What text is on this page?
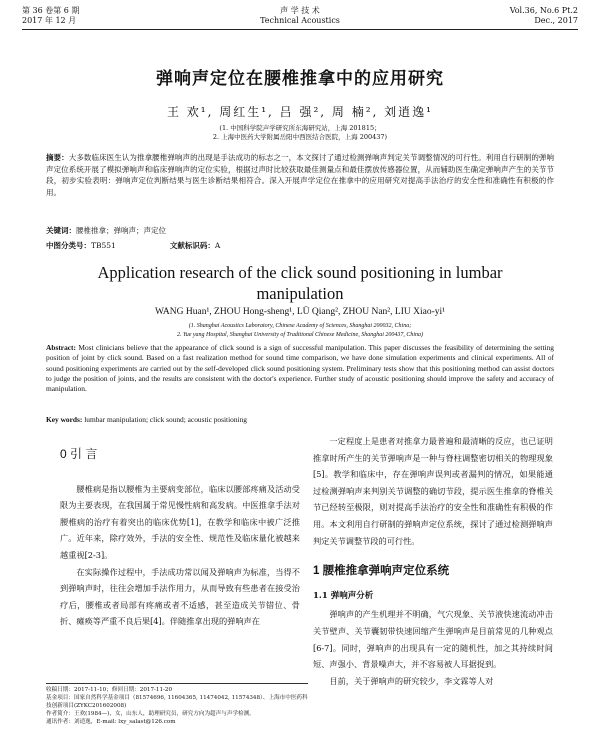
第 36 卷第 6 期	声 学 技 术	Vol.36, No.6 Pt.2
2017 年 12 月	Technical Acoustics	Dec., 2017
弹响声定位在腰椎推拿中的应用研究
王 欢¹, 周红生¹, 吕 强², 周 楠², 刘逍逸¹
(1. 中国科学院声学研究所东海研究站，上海 201815；
2. 上海中医药大学附属岳阳中西医结合医院，上海 200437)
摘要：大多数临床医生认为推拿腰椎弹响声的出现是手法成功的标志之一，本文探讨了通过检测弹响声判定关节调整情况的可行性。利用自行研制的弹响声定位系统开展了模拟弹响声和临床弹响声的定位实验，根据过声时比较获取最佳测量点和最佳摆放传感器位置，从而辅助医生确定弹响声产生的关节节段，初步实验表明：弹响声定位判断结果与医生诊断结果相符合。深入开展声学定位在推拿中的应用研究对提高手法治疗的安全性和准确性有积极的作用。
关键词：腰椎推拿；弹响声；声定位
中图分类号：TB551	文献标识码：A
Application research of the click sound positioning in lumbar manipulation
WANG Huan¹, ZHOU Hong-sheng¹, LÜ Qiang², ZHOU Nan², LIU Xiao-yi¹
(1. Shanghai Acoustics Laboratory, Chinese Academy of Sciences, Shanghai 200032, China;
2. Yue yang Hospital, Shanghai University of Traditional Chinese Medicine, Shanghai 200437, China)
Abstract: Most clinicians believe that the appearance of click sound is a sign of successful manipulation. This paper discusses the feasibility of determining the setting position of joint by click sound. Based on a fast realization method for sound time comparison, we have done simulation experiments and clinical experiments. All of sound positioning experiments are carried out by the self-developed click sound positioning system. Preliminary tests show that this positioning method can assist doctors to judge the position of joints, and the results are consistent with the doctor's experience. Further study of acoustic positioning should improve the safety and accuracy of manipulation.
Key words: lumbar manipulation; click sound; acoustic positioning
0 引 言

腰椎病是指以腰椎为主要病变部位，临床以腰部疼痛及活动受限为主要表现，在我国属于常见慢性病和高发病。中医推拿手法对腰椎病的治疗有着突出的临床优势[1]，在教学和临床中被广泛推广。近年来，除疗效外，手法的安全性、规范性及临床量化被越来越重视[2-3]。

在实际操作过程中，手法成功常以闻及弹响声为标准，当得不到弹响声时，往往会增加手法作用力，从而导致有些患者在接受治疗后，腰椎或者局部有疼痛或者不适感，甚至造成关节错位、骨折、瘫痪等严重不良后果[4]。伴随推拿出现的弹响声在

一定程度上是患者对推拿力最普遍和最清晰的反应，也已证明推拿时所产生的关节弹响声是一种与脊柱调整密切相关的物理现象[5]。教学和临床中，存在弹响声误判或者漏判的情况，如果能通过检测弹响声来判别关节调整的确切节段，提示医生推拿的脊椎关节已经转至极限，则对提高手法治疗的安全性和准确性有积极的作用。本文利用自行研制的弹响声定位系统，探讨了通过检测弹响声判定关节调整节段的可行性。

1 腰椎推拿弹响声定位系统
1.1 弹响声分析

弹响声的产生机理并不明确，气穴现象、关节液快速流动冲击关节壁声、关节囊韧带快速回缩产生弹响声是目前常见的几种观点[6-7]。同时，弹响声的出现具有一定的随机性，加之其持续时间短、声强小、背景噪声大，并不容易被人耳据捉到。

目前，关于弹响声的研究较少，李文霖等人对

收稿日期：2017-11-10；修回日期：2017-11-20
基金项目：国家自然科学基金项目（81574696, 11604365, 11474042, 11574348）、上海市中医药科技创新项目(ZYKC201602008)
作者简介：王欢(1984—)，女，山东人，助理研究员，研究方向为超声与声学检测。
通讯作者：刘逍逸，E-mail: lxy_salast@126.com
